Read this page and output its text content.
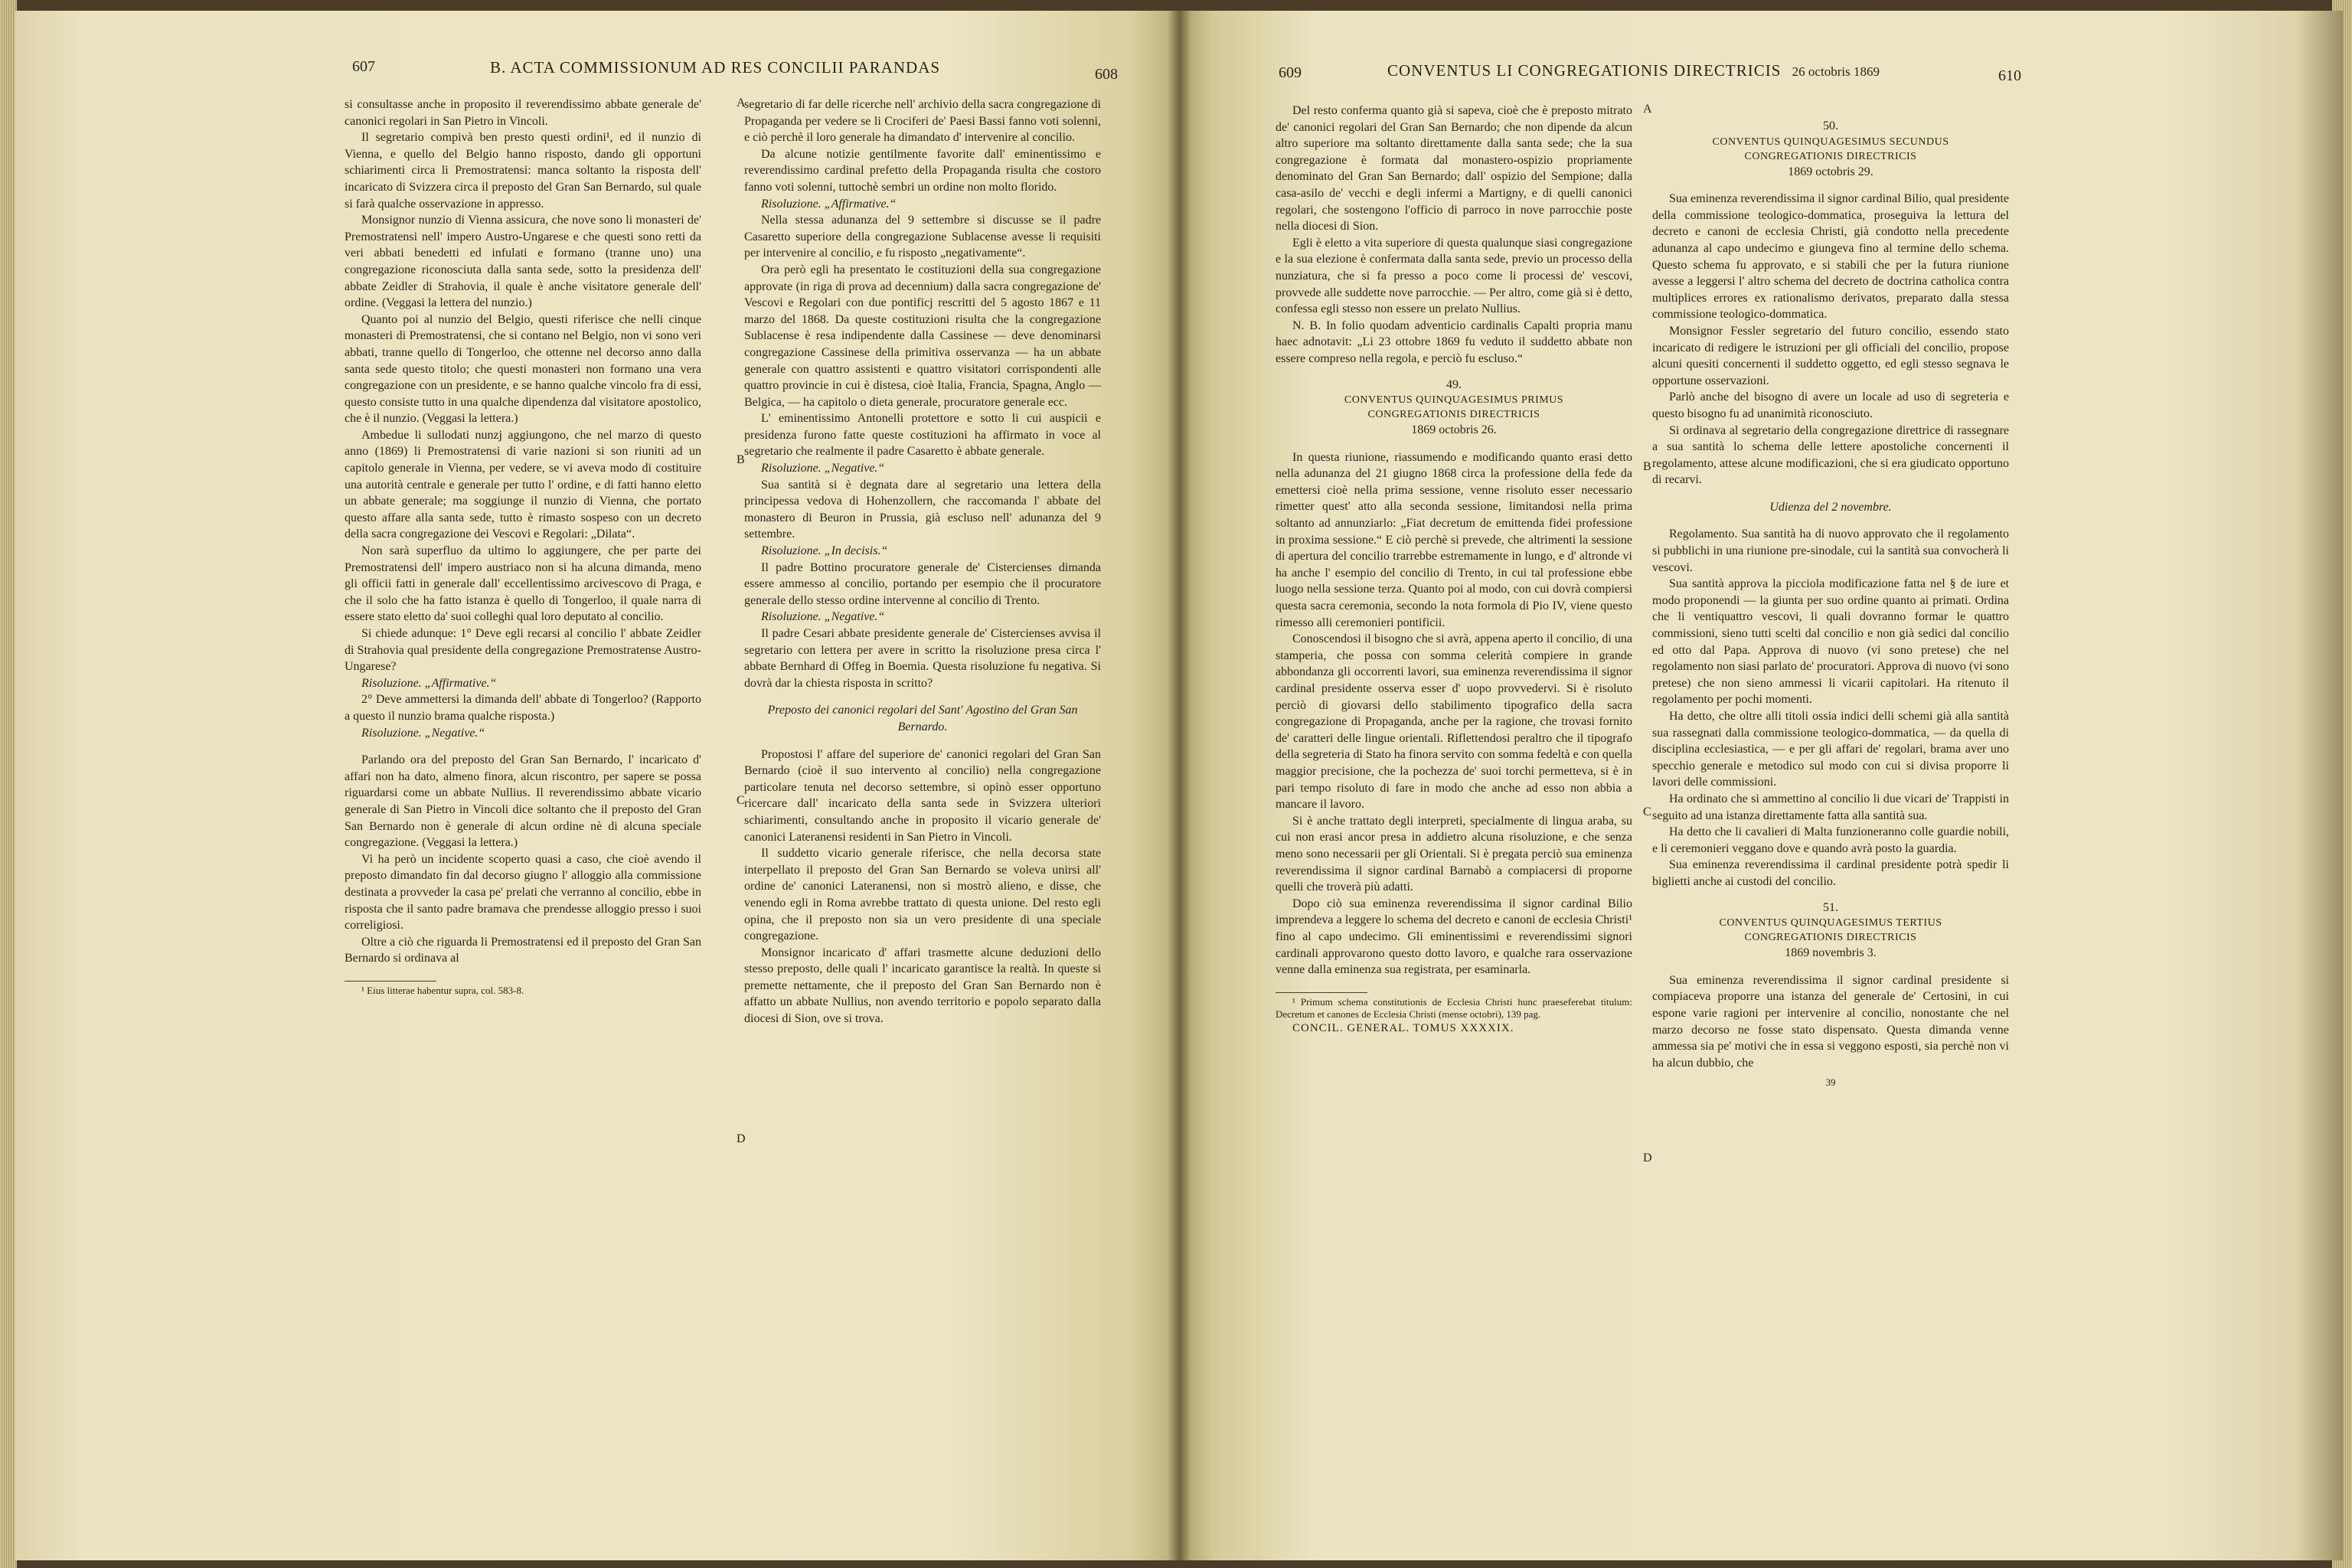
607	B. ACTA COMMISSIONUM AD RES CONCILII PARANDAS	608

si consultasse anche in proposito il reverendissimo abbate generale de' canonici regolari in San Pietro in Vincoli.

Il segretario compivà ben presto questi ordini¹, ed il nunzio di Vienna, e quello del Belgio hanno risposto, dando gli opportuni schiarimenti circa li Premostratensi: manca soltanto la risposta dell' incaricato di Svizzera circa il preposto del Gran San Bernardo, sul quale si farà qualche osservazione in appresso.

Monsignor nunzio di Vienna assicura, che nove sono li monasteri de' Premostratensi nell' impero Austro-Ungarese e che questi sono retti da veri abbati benedetti ed infulati e formano (tranne uno) una congregazione riconosciuta dalla santa sede, sotto la presidenza dell' abbate Zeidler di Strahovia, il quale è anche visitatore generale dell' ordine. (Veggasi la lettera del nunzio.)

Quanto poi al nunzio del Belgio, questi riferisce che nelli cinque monasteri di Premostratensi, che si contano nel Belgio, non vi sono veri abbati, tranne quello di Tongerloo, che ottenne nel decorso anno dalla santa sede questo titolo; che questi monasteri non formano una vera congregazione con un presidente, e se hanno qualche vincolo fra di essi, questo consiste tutto in una qualche dipendenza dal visitatore apostolico, che è il nunzio. (Veggasi la lettera.)

Ambedue li sullodati nunzj aggiungono, che nel marzo di questo anno (1869) li Premostratensi di varie nazioni si son riuniti ad un capitolo generale in Vienna, per vedere, se vi aveva modo di costituire una autorità centrale e generale per tutto l' ordine, e di fatti hanno eletto un abbate generale; ma soggiunge il nunzio di Vienna, che portato questo affare alla santa sede, tutto è rimasto sospeso con un decreto della sacra congregazione dei Vescovi e Regolari: „Dilata“.

Non sarà superfluo da ultimo lo aggiungere, che per parte dei Premostratensi dell' impero austriaco non si ha alcuna dimanda, meno gli officii fatti in generale dall' eccellentissimo arcivescovo di Praga, e che il solo che ha fatto istanza è quello di Tongerloo, il quale narra di essere stato eletto da' suoi colleghi qual loro deputato al concilio.

Si chiede adunque: 1° Deve egli recarsi al concilio l' abbate Zeidler di Strahovia qual presidente della congregazione Premostratense Austro-Ungarese?

Risoluzione. „Affirmative.“

2° Deve ammettersi la dimanda dell' abbate di Tongerloo? (Rapporto a questo il nunzio brama qualche risposta.)

Risoluzione. „Negative.“

Parlando ora del preposto del Gran San Bernardo, l' incaricato d' affari non ha dato, almeno finora, alcun riscontro, per sapere se possa riguardarsi come un abbate Nullius. Il reverendissimo abbate vicario generale di San Pietro in Vincoli dice soltanto che il preposto del Gran San Bernardo non è generale di alcun ordine nè di alcuna speciale congregazione. (Veggasi la lettera.)

Vi ha però un incidente scoperto quasi a caso, che cioè avendo il preposto dimandato fin dal decorso giugno l' alloggio alla commissione destinata a provveder la casa pe' prelati che verranno al concilio, ebbe in risposta che il santo padre bramava che prendesse alloggio presso i suoi correligiosi.

Oltre a ciò che riguarda li Premostratensi ed il preposto del Gran San Bernardo si ordinava al

¹ Eius litterae habentur supra, col. 583-8.

A
B
C
D

segretario di far delle ricerche nell' archivio della sacra congregazione di Propaganda per vedere se li Crociferi de' Paesi Bassi fanno voti solenni, e ciò perchè il loro generale ha dimandato d' intervenire al concilio.

Da alcune notizie gentilmente favorite dall' eminentissimo e reverendissimo cardinal prefetto della Propaganda risulta che costoro fanno voti solenni, tuttochè sembri un ordine non molto florido.

Risoluzione. „Affirmative.“

Nella stessa adunanza del 9 settembre si discusse se il padre Casaretto superiore della congregazione Sublacense avesse li requisiti per intervenire al concilio, e fu risposto „negativamente“.

Ora però egli ha presentato le costituzioni della sua congregazione approvate (in riga di prova ad decennium) dalla sacra congregazione de' Vescovi e Regolari con due pontificj rescritti del 5 agosto 1867 e 11 marzo del 1868. Da queste costituzioni risulta che la congregazione Sublacense è resa indipendente dalla Cassinese — deve denominarsi congregazione Cassinese della primitiva osservanza — ha un abbate generale con quattro assistenti e quattro visitatori corrispondenti alle quattro provincie in cui è distesa, cioè Italia, Francia, Spagna, Anglo — Belgica, — ha capitolo o dieta generale, procuratore generale ecc.

L' eminentissimo Antonelli protettore e sotto li cui auspicii e presidenza furono fatte queste costituzioni ha affirmato in voce al segretario che realmente il padre Casaretto è abbate generale.

Risoluzione. „Negative.“

Sua santità si è degnata dare al segretario una lettera della principessa vedova di Hohenzollern, che raccomanda l' abbate del monastero di Beuron in Prussia, già escluso nell' adunanza del 9 settembre.

Risoluzione. „In decisis.“

Il padre Bottino procuratore generale de' Cistercienses dimanda essere ammesso al concilio, portando per esempio che il procuratore generale dello stesso ordine intervenne al concilio di Trento.

Risoluzione. „Negative.“

Il padre Cesari abbate presidente generale de' Cistercienses avvisa il segretario con lettera per avere in scritto la risoluzione presa circa l' abbate Bernhard di Offeg in Boemia. Questa risoluzione fu negativa. Si dovrà dar la chiesta risposta in scritto?

Preposto dei canonici regolari del Sant' Agostino del Gran San Bernardo.

Propostosi l' affare del superiore de' canonici regolari del Gran San Bernardo (cioè il suo intervento al concilio) nella congregazione particolare tenuta nel decorso settembre, si opinò esser opportuno ricercare dall' incaricato della santa sede in Svizzera ulteriori schiarimenti, consultando anche in proposito il vicario generale de' canonici Lateranensi residenti in San Pietro in Vincoli.

Il suddetto vicario generale riferisce, che nella decorsa state interpellato il preposto del Gran San Bernardo se voleva unirsi all' ordine de' canonici Lateranensi, non si mostrò alieno, e disse, che venendo egli in Roma avrebbe trattato di questa unione. Del resto egli opina, che il preposto non sia un vero presidente di una speciale congregazione.

Monsignor incaricato d' affari trasmette alcune deduzioni dello stesso preposto, delle quali l' incaricato garantisce la realtà. In queste si premette nettamente, che il preposto del Gran San Bernardo non è affatto un abbate Nullius, non avendo territorio e popolo separato dalla diocesi di Sion, ove si trova.

609	CONVENTUS LI CONGREGATIONIS DIRECTRICIS 26 octobris 1869	610

Del resto conferma quanto già si sapeva, cioè che è preposto mitrato de' canonici regolari del Gran San Bernardo; che non dipende da alcun altro superiore ma soltanto direttamente dalla santa sede; che la sua congregazione è formata dal monastero-ospizio propriamente denominato del Gran San Bernardo; dall' ospizio del Sempione; dalla casa-asilo de' vecchi e degli infermi a Martigny, e di quelli canonici regolari, che sostengono l'officio di parroco in nove parrocchie poste nella diocesi di Sion.

Egli è eletto a vita superiore di questa qualunque siasi congregazione e la sua elezione è confermata dalla santa sede, previo un processo della nunziatura, che si fa presso a poco come li processi de' vescovi, provvede alle suddette nove parrocchie. — Per altro, come già si è detto, confessa egli stesso non essere un prelato Nullius.

N. B. In folio quodam adventicio cardinalis Capalti propria manu haec adnotavit: „Li 23 ottobre 1869 fu veduto il suddetto abbate non essere compreso nella regola, e perciò fu escluso.“

49.

CONVENTUS QUINQUAGESIMUS PRIMUS

CONGREGATIONIS DIRECTRICIS

1869 octobris 26.

In questa riunione, riassumendo e modificando quanto erasi detto nella adunanza del 21 giugno 1868 circa la professione della fede da emettersi cioè nella prima sessione, venne risoluto esser necessario rimetter quest' atto alla seconda sessione, limitandosi nella prima soltanto ad annunziarlo: „Fiat decretum de emittenda fidei professione in proxima sessione.“ E ciò perchè si prevede, che altrimenti la sessione di apertura del concilio trarrebbe estremamente in lungo, e d' altronde vi ha anche l' esempio del concilio di Trento, in cui tal professione ebbe luogo nella sessione terza. Quanto poi al modo, con cui dovrà compiersi questa sacra ceremonia, secondo la nota formola di Pio IV, viene questo rimesso alli ceremonieri pontificii.

Conoscendosi il bisogno che si avrà, appena aperto il concilio, di una stamperia, che possa con somma celerità compiere in grande abbondanza gli occorrenti lavori, sua eminenza reverendissima il signor cardinal presidente osserva esser d' uopo provvedervi. Si è risoluto perciò di giovarsi dello stabilimento tipografico della sacra congregazione di Propaganda, anche per la ragione, che trovasi fornito de' caratteri delle lingue orientali. Riflettendosi peraltro che il tipografo della segreteria di Stato ha finora servito con somma fedeltà e con quella maggior precisione, che la pochezza de' suoi torchi permetteva, si è in pari tempo risoluto di fare in modo che anche ad esso non abbia a mancare il lavoro.

Si è anche trattato degli interpreti, specialmente di lingua araba, su cui non erasi ancor presa in addietro alcuna risoluzione, e che senza meno sono necessarii per gli Orientali. Si è pregata perciò sua eminenza reverendissima il signor cardinal Barnabò a compiacersi di proporne quelli che troverà più adatti.

Dopo ciò sua eminenza reverendissima il signor cardinal Bilio imprendeva a leggere lo schema del decreto e canoni de ecclesia Christi¹ fino al capo undecimo. Gli eminentissimi e reverendissimi signori cardinali approvarono questo dotto lavoro, e qualche rara osservazione venne dalla eminenza sua registrata, per esaminarla.

¹ Primum schema constitutionis de Ecclesia Christi hunc praeseferebat titulum: Decretum et canones de Ecclesia Christi (mense octobri), 139 pag.

CONCIL. GENERAL. TOMUS XXXXIX.

A
B
C
D

50.

CONVENTUS QUINQUAGESIMUS SECUNDUS

CONGREGATIONIS DIRECTRICIS

1869 octobris 29.

Sua eminenza reverendissima il signor cardinal Bilio, qual presidente della commissione teologico-dommatica, proseguiva la lettura del decreto e canoni de ecclesia Christi, già condotto nella precedente adunanza al capo undecimo e giungeva fino al termine dello schema. Questo schema fu approvato, e si stabilì che per la futura riunione avesse a leggersi l' altro schema del decreto de doctrina catholica contra multiplices errores ex rationalismo derivatos, preparato dalla stessa commissione teologico-dommatica.

Monsignor Fessler segretario del futuro concilio, essendo stato incaricato di redigere le istruzioni per gli officiali del concilio, propose alcuni quesiti concernenti il suddetto oggetto, ed egli stesso segnava le opportune osservazioni.

Parlò anche del bisogno di avere un locale ad uso di segreteria e questo bisogno fu ad unanimità riconosciuto.

Si ordinava al segretario della congregazione direttrice di rassegnare a sua santità lo schema delle lettere apostoliche concernenti il regolamento, attese alcune modificazioni, che si era giudicato opportuno di recarvi.

Udienza del 2 novembre.

Regolamento. Sua santità ha di nuovo approvato che il regolamento si pubblichi in una riunione pre-sinodale, cui la santità sua convocherà li vescovi.

Sua santità approva la picciola modificazione fatta nel § de iure et modo proponendi — la giunta per suo ordine quanto ai primati. Ordina che li ventiquattro vescovi, li quali dovranno formar le quattro commissioni, sieno tutti scelti dal concilio e non già sedici dal concilio ed otto dal Papa. Approva di nuovo (vi sono pretese) che nel regolamento non siasi parlato de' procuratori. Approva di nuovo (vi sono pretese) che non sieno ammessi li vicarii capitolari. Ha ritenuto il regolamento per pochi momenti.

Ha detto, che oltre alli titoli ossia indici delli schemi già alla santità sua rassegnati dalla commissione teologico-dommatica, — da quella di disciplina ecclesiastica, — e per gli affari de' regolari, brama aver uno specchio generale e metodico sul modo con cui si divisa proporre li lavori delle commissioni.

Ha ordinato che si ammettino al concilio li due vicari de' Trappisti in seguito ad una istanza direttamente fatta alla santità sua.

Ha detto che li cavalieri di Malta funzioneranno colle guardie nobili, e li ceremonieri veggano dove e quando avrà posto la guardia.

Sua eminenza reverendissima il cardinal presidente potrà spedir li biglietti anche ai custodi del concilio.

51.

CONVENTUS QUINQUAGESIMUS TERTIUS

CONGREGATIONIS DIRECTRICIS

1869 novembris 3.

Sua eminenza reverendissima il signor cardinal presidente si compiaceva proporre una istanza del generale de' Certosini, in cui espone varie ragioni per intervenire al concilio, nonostante che nel marzo decorso ne fosse stato dispensato. Questa dimanda venne ammessa sia pe' motivi che in essa si veggono esposti, sia perchè non vi ha alcun dubbio, che

39
